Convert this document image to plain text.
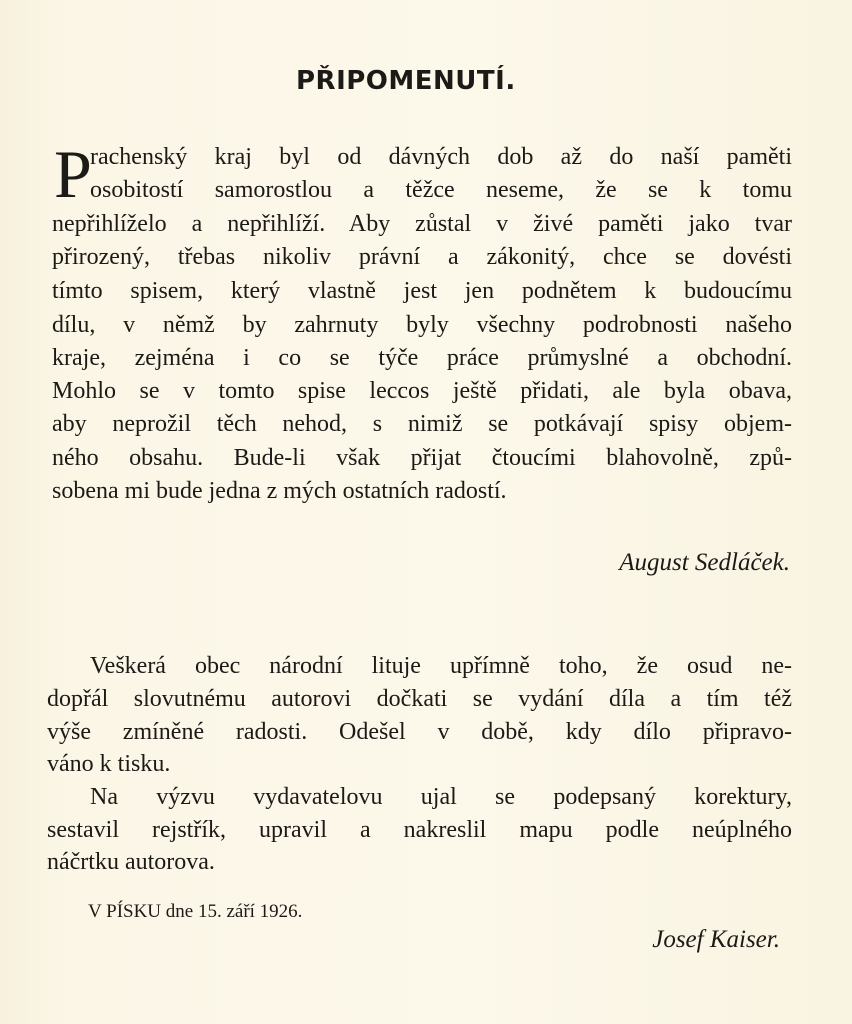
PŘIPOMENUTÍ.
P
rachenský kraj byl od dávných dob až do naší paměti
osobitostí samorostlou a těžce neseme, že se k tomu
nepřihlíželo a nepřihlíží. Aby zůstal v živé paměti jako tvar
přirozený, třebas nikoliv právní a zákonitý, chce se dovésti
tímto spisem, který vlastně jest jen podnětem k budoucímu
dílu, v němž by zahrnuty byly všechny podrobnosti našeho
kraje, zejména i co se týče práce průmyslné a obchodní.
Mohlo se v tomto spise leccos ještě přidati, ale byla obava,
aby neprožil těch nehod, s nimiž se potkávají spisy objem-
ného obsahu. Bude-li však přijat čtoucími blahovolně, způ-
sobena mi bude jedna z mých ostatních radostí.
August Sedláček.
Veškerá obec národní lituje upřímně toho, že osud ne-
dopřál slovutnému autorovi dočkati se vydání díla a tím též
výše zmíněné radosti. Odešel v době, kdy dílo připravo-
váno k tisku.
Na výzvu vydavatelovu ujal se podepsaný korektury,
sestavil rejstřík, upravil a nakreslil mapu podle neúplného
náčrtku autorova.
V PÍSKU dne 15. září 1926.
Josef Kaiser.
